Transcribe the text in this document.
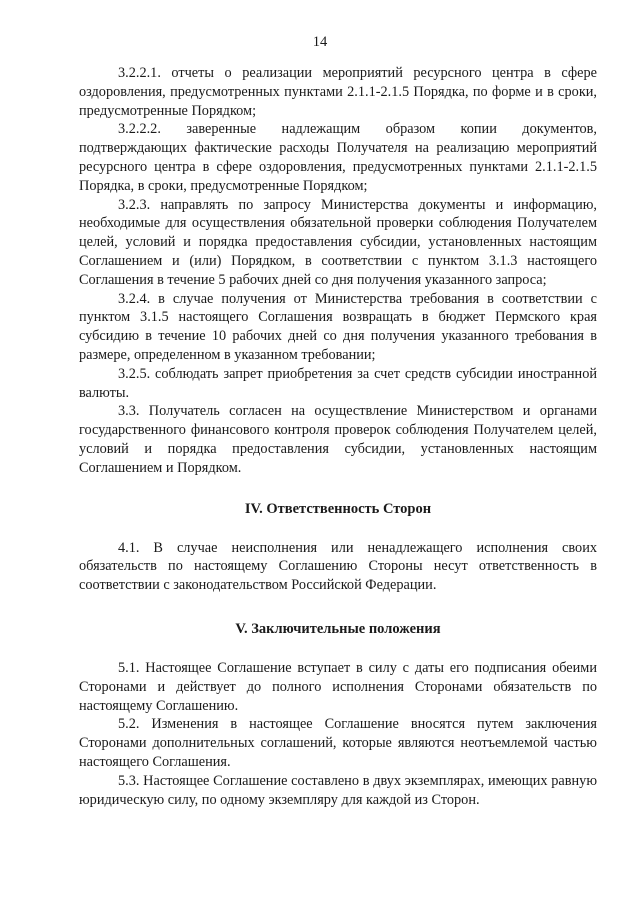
14

3.2.2.1. отчеты о реализации мероприятий ресурсного центра в сфере оздоровления, предусмотренных пунктами 2.1.1-2.1.5 Порядка, по форме и в сроки, предусмотренные Порядком;

3.2.2.2. заверенные надлежащим образом копии документов, подтверждающих фактические расходы Получателя на реализацию мероприятий ресурсного центра в сфере оздоровления, предусмотренных пунктами 2.1.1-2.1.5 Порядка, в сроки, предусмотренные Порядком;

3.2.3. направлять по запросу Министерства документы и информацию, необходимые для осуществления обязательной проверки соблюдения Получателем целей, условий и порядка предоставления субсидии, установленных настоящим Соглашением и (или) Порядком, в соответствии с пунктом 3.1.3 настоящего Соглашения в течение 5 рабочих дней со дня получения указанного запроса;

3.2.4. в случае получения от Министерства требования в соответствии с пунктом 3.1.5 настоящего Соглашения возвращать в бюджет Пермского края субсидию в течение 10 рабочих дней со дня получения указанного требования в размере, определенном в указанном требовании;

3.2.5. соблюдать запрет приобретения за счет средств субсидии иностранной валюты.

3.3. Получатель согласен на осуществление Министерством и органами государственного финансового контроля проверок соблюдения Получателем целей, условий и порядка предоставления субсидии, установленных настоящим Соглашением и Порядком.

IV. Ответственность Сторон

4.1. В случае неисполнения или ненадлежащего исполнения своих обязательств по настоящему Соглашению Стороны несут ответственность в соответствии с законодательством Российской Федерации.

V. Заключительные положения

5.1. Настоящее Соглашение вступает в силу с даты его подписания обеими Сторонами и действует до полного исполнения Сторонами обязательств по настоящему Соглашению.

5.2. Изменения в настоящее Соглашение вносятся путем заключения Сторонами дополнительных соглашений, которые являются неотъемлемой частью настоящего Соглашения.

5.3. Настоящее Соглашение составлено в двух экземплярах, имеющих равную юридическую силу, по одному экземпляру для каждой из Сторон.
